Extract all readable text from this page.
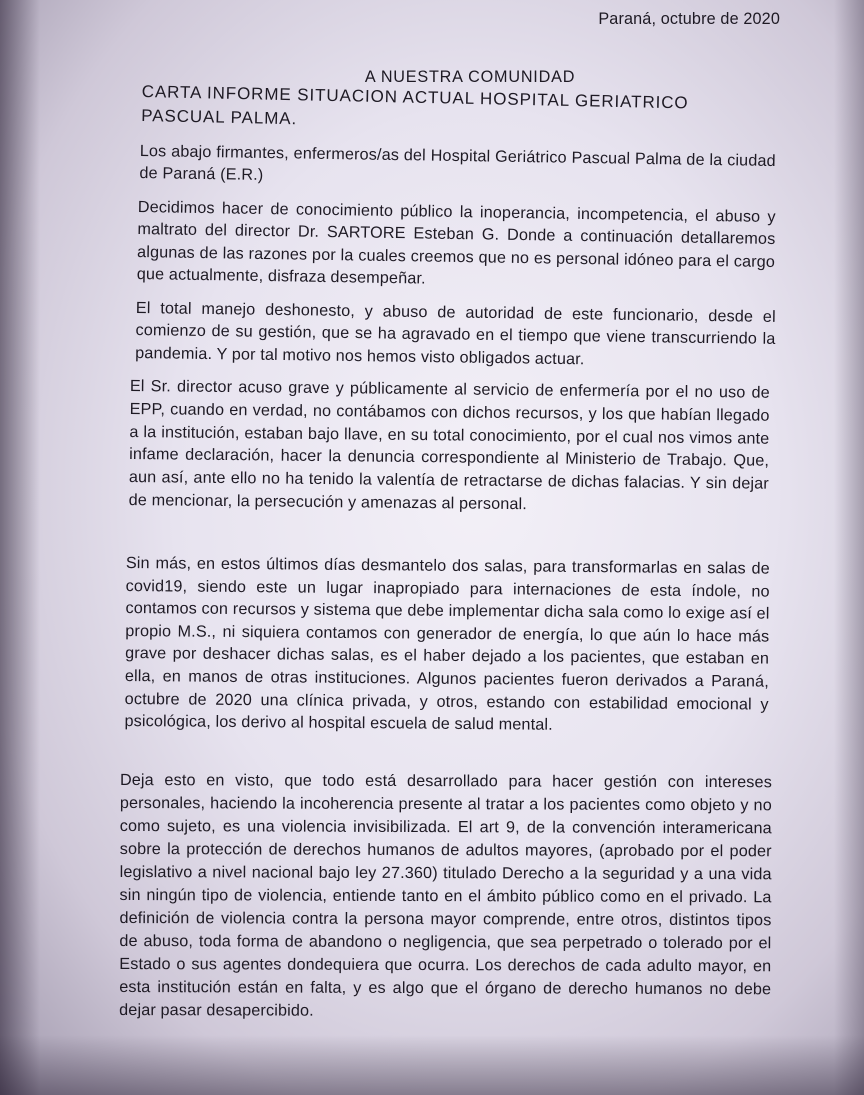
Paraná, octubre de 2020
A NUESTRA COMUNIDAD
CARTA INFORME SITUACION ACTUAL HOSPITAL GERIATRICO PASCUAL PALMA.
Los abajo firmantes, enfermeros/as del Hospital Geriátrico Pascual Palma de la ciudad de Paraná (E.R.)
Decidimos hacer de conocimiento público la inoperancia, incompetencia, el abuso y maltrato del director Dr. SARTORE Esteban G. Donde a continuación detallaremos algunas de las razones por la cuales creemos que no es personal idóneo para el cargo que actualmente, disfraza desempeñar.
El total manejo deshonesto, y abuso de autoridad de este funcionario, desde el comienzo de su gestión, que se ha agravado en el tiempo que viene transcurriendo la pandemia. Y por tal motivo nos hemos visto obligados actuar.
El Sr. director acuso grave y públicamente al servicio de enfermería por el no uso de EPP, cuando en verdad, no contábamos con dichos recursos, y los que habían llegado a la institución, estaban bajo llave, en su total conocimiento, por el cual nos vimos ante infame declaración, hacer la denuncia correspondiente al Ministerio de Trabajo. Que, aun así, ante ello no ha tenido la valentía de retractarse de dichas falacias. Y sin dejar de mencionar, la persecución y amenazas al personal.
Sin más, en estos últimos días desmantelo dos salas, para transformarlas en salas de covid19, siendo este un lugar inapropiado para internaciones de esta índole, no contamos con recursos y sistema que debe implementar dicha sala como lo exige así el propio M.S., ni siquiera contamos con generador de energía, lo que aún lo hace más grave por deshacer dichas salas, es el haber dejado a los pacientes, que estaban en ella, en manos de otras instituciones. Algunos pacientes fueron derivados a Paraná, octubre de 2020 una clínica privada, y otros, estando con estabilidad emocional y psicológica, los derivo al hospital escuela de salud mental.
Deja esto en visto, que todo está desarrollado para hacer gestión con intereses personales, haciendo la incoherencia presente al tratar a los pacientes como objeto y no como sujeto, es una violencia invisibilizada. El art 9, de la convención interamericana sobre la protección de derechos humanos de adultos mayores, (aprobado por el poder legislativo a nivel nacional bajo ley 27.360) titulado Derecho a la seguridad y a una vida sin ningún tipo de violencia, entiende tanto en el ámbito público como en el privado. La definición de violencia contra la persona mayor comprende, entre otros, distintos tipos de abuso, toda forma de abandono o negligencia, que sea perpetrado o tolerado por el Estado o sus agentes dondequiera que ocurra. Los derechos de cada adulto mayor, en esta institución están en falta, y es algo que el órgano de derecho humanos no debe dejar pasar desapercibido.
